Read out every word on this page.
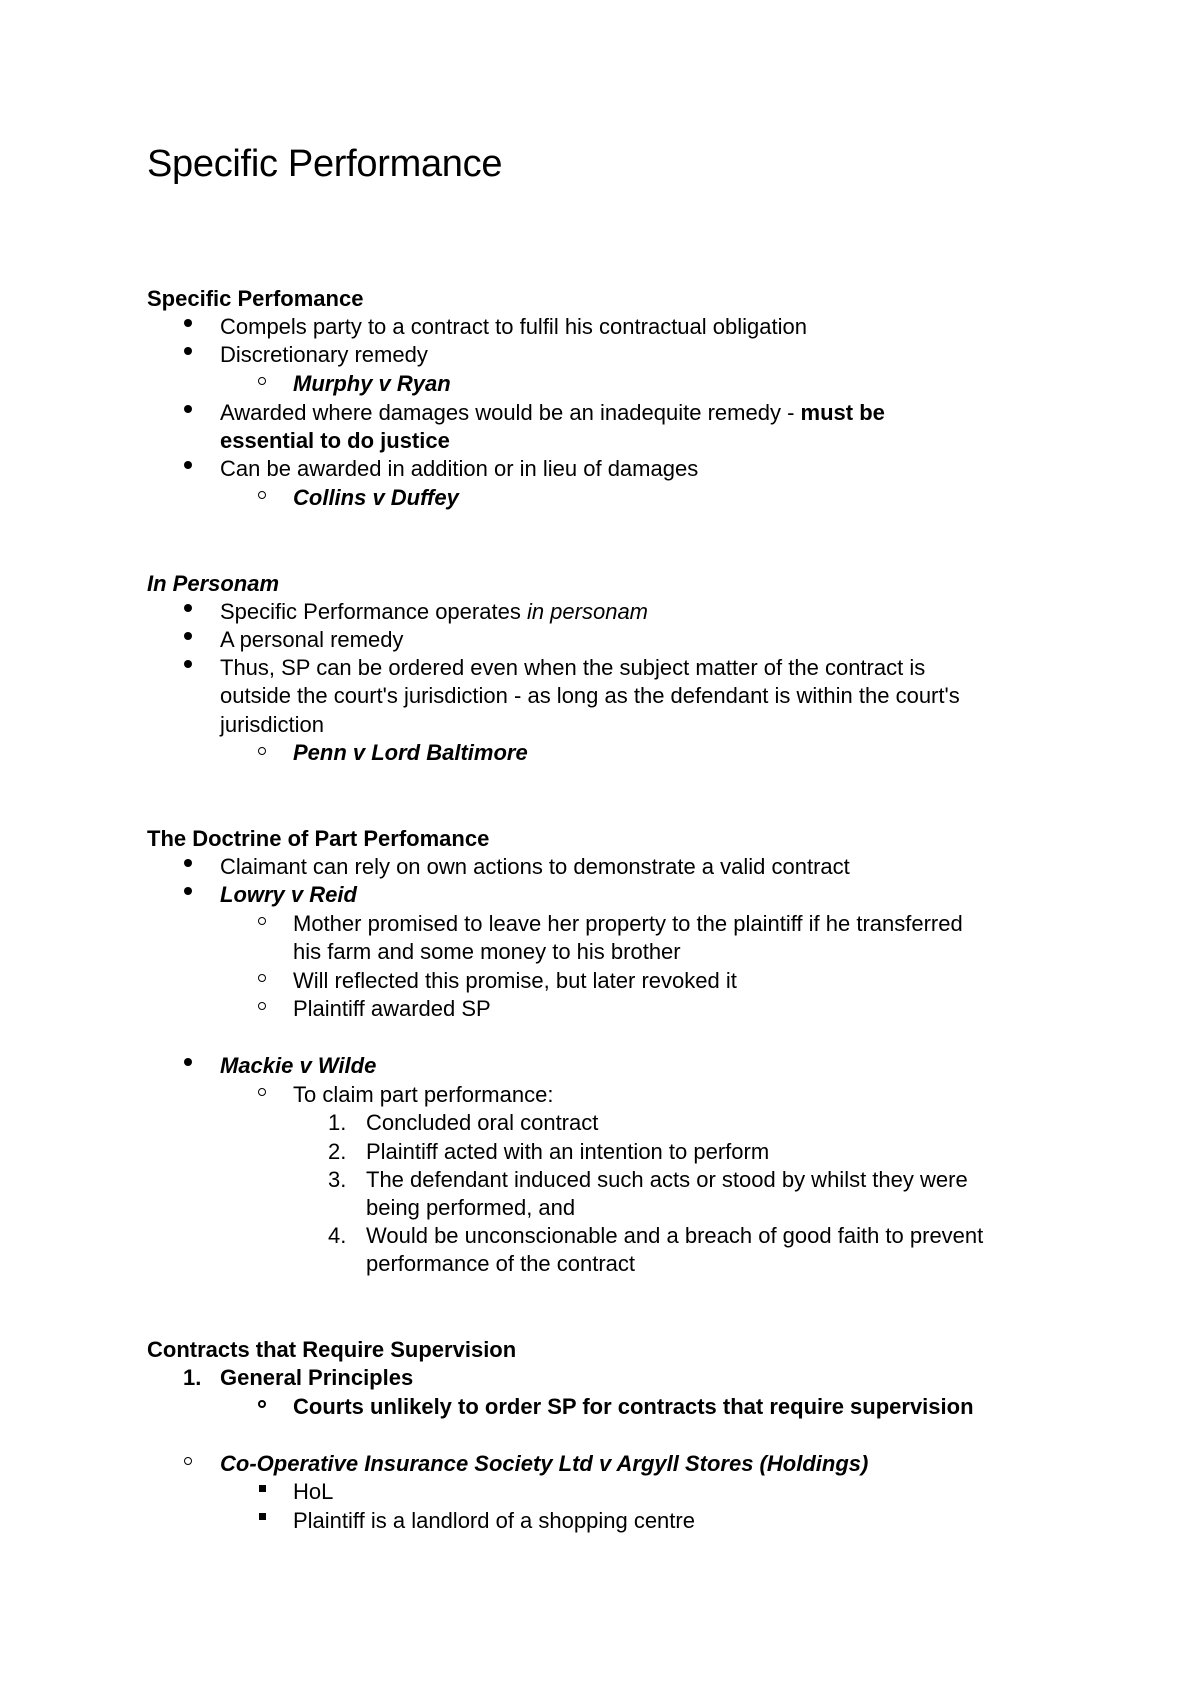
Specific Performance
Specific Perfomance
Compels party to a contract to fulfil his contractual obligation
Discretionary remedy
Murphy v Ryan
Awarded where damages would be an inadequite remedy - must be
essential to do justice
Can be awarded in addition or in lieu of damages
Collins v Duffey
In Personam
Specific Performance operates in personam
A personal remedy
Thus, SP can be ordered even when the subject matter of the contract is
outside the court's jurisdiction - as long as the defendant is within the court's
jurisdiction
Penn v Lord Baltimore
The Doctrine of Part Perfomance
Claimant can rely on own actions to demonstrate a valid contract
Lowry v Reid
Mother promised to leave her property to the plaintiff if he transferred
his farm and some money to his brother
Will reflected this promise, but later revoked it
Plaintiff awarded SP
Mackie v Wilde
To claim part performance:
1. Concluded oral contract
2. Plaintiff acted with an intention to perform
3. The defendant induced such acts or stood by whilst they were
being performed, and
4. Would be unconscionable and a breach of good faith to prevent
performance of the contract
Contracts that Require Supervision
1. General Principles
Courts unlikely to order SP for contracts that require supervision
Co-Operative Insurance Society Ltd v Argyll Stores (Holdings)
HoL
Plaintiff is a landlord of a shopping centre
